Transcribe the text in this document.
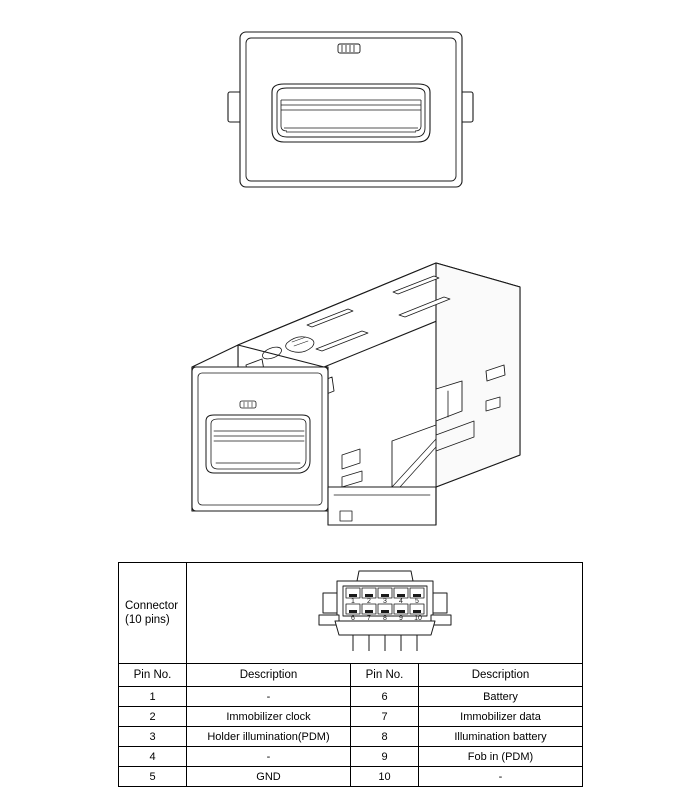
Connector
(10 pins)

1 2 3 4 5
6 7 8 9 10

Pin No.	Description	Pin No.	Description
1	-	6	Battery
2	Immobilizer clock	7	Immobilizer data
3	Holder illumination(PDM)	8	Illumination battery
4	-	9	Fob in (PDM)
5	GND	10	-
